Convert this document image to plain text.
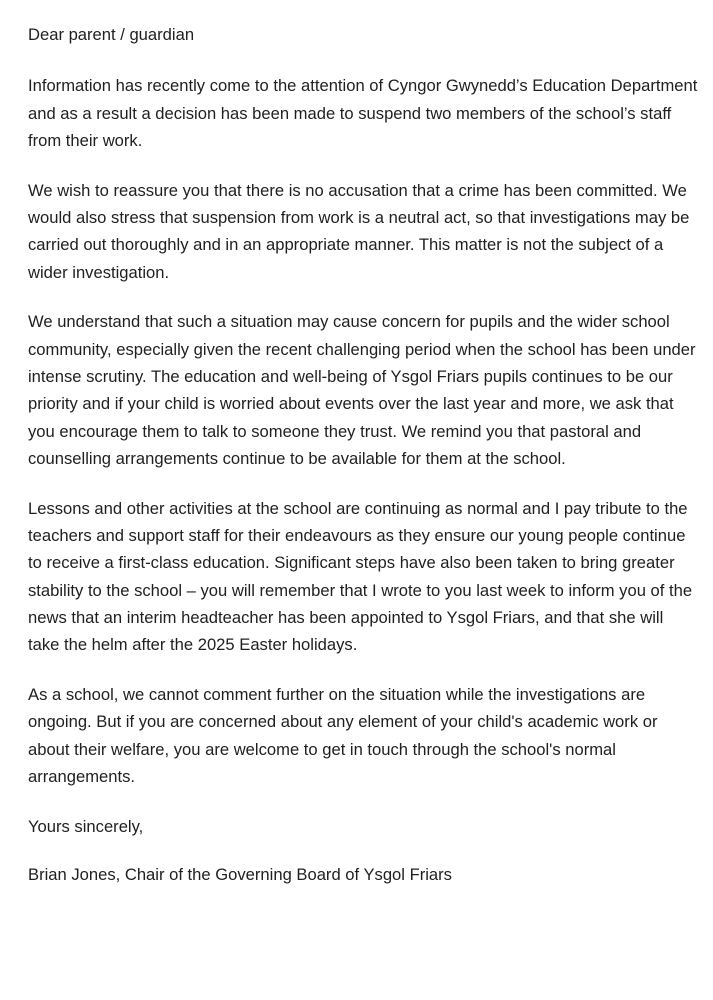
Dear parent / guardian

Information has recently come to the attention of Cyngor Gwynedd’s Education Department and as a result a decision has been made to suspend two members of the school’s staff from their work.

We wish to reassure you that there is no accusation that a crime has been committed. We would also stress that suspension from work is a neutral act, so that investigations may be carried out thoroughly and in an appropriate manner. This matter is not the subject of a wider investigation.

We understand that such a situation may cause concern for pupils and the wider school community, especially given the recent challenging period when the school has been under intense scrutiny. The education and well-being of Ysgol Friars pupils continues to be our priority and if your child is worried about events over the last year and more, we ask that you encourage them to talk to someone they trust. We remind you that pastoral and counselling arrangements continue to be available for them at the school.

Lessons and other activities at the school are continuing as normal and I pay tribute to the teachers and support staff for their endeavours as they ensure our young people continue to receive a first-class education. Significant steps have also been taken to bring greater stability to the school – you will remember that I wrote to you last week to inform you of the news that an interim headteacher has been appointed to Ysgol Friars, and that she will take the helm after the 2025 Easter holidays.

As a school, we cannot comment further on the situation while the investigations are ongoing. But if you are concerned about any element of your child's academic work or about their welfare, you are welcome to get in touch through the school's normal arrangements.

Yours sincerely,

Brian Jones, Chair of the Governing Board of Ysgol Friars
